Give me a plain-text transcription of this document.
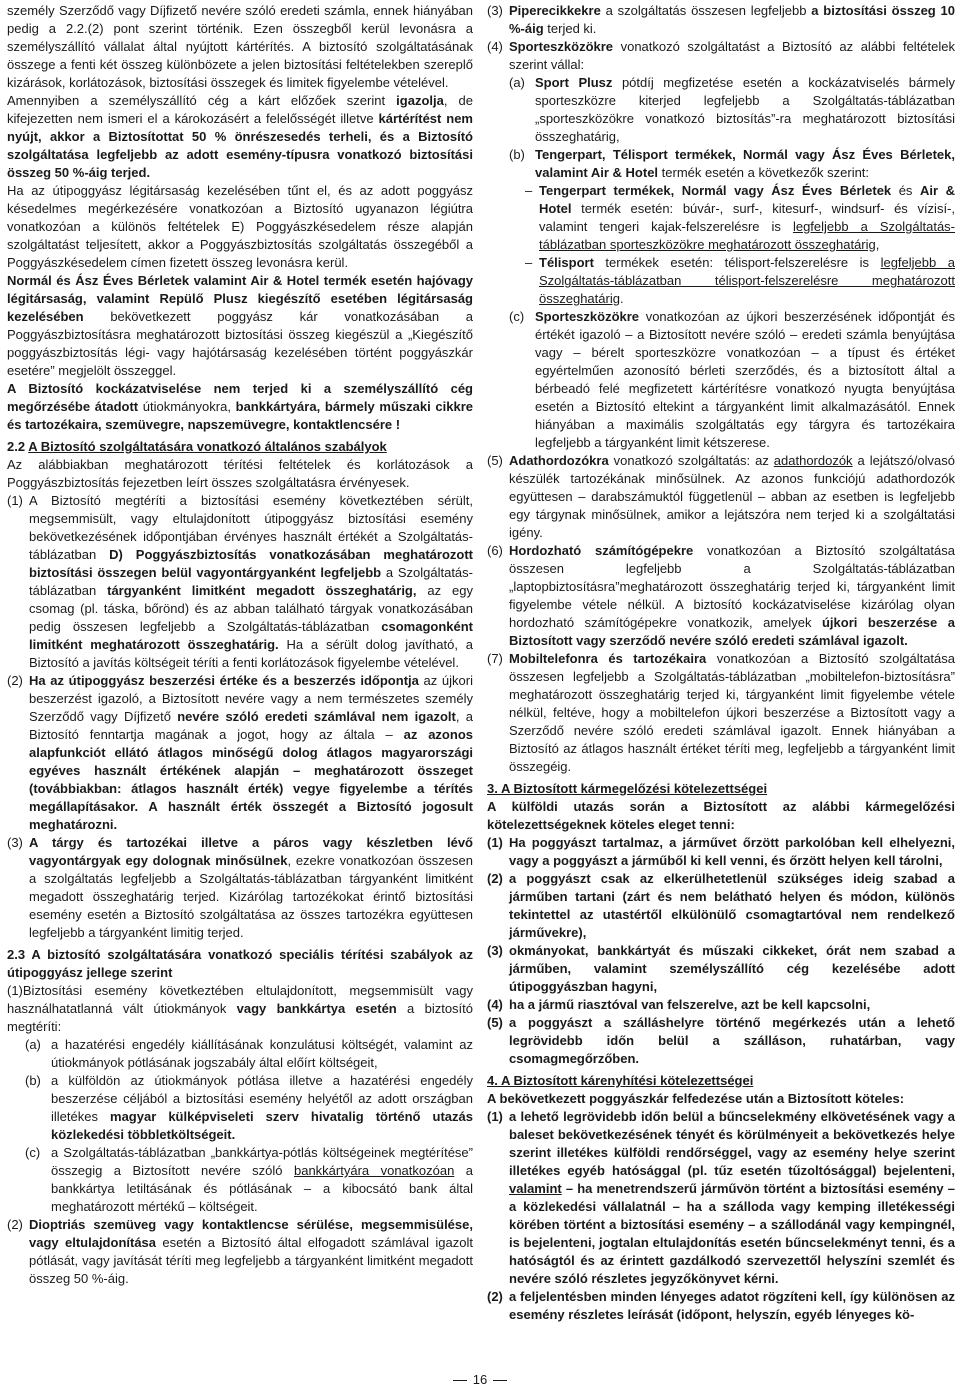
személy Szerződő vagy Díjfizető nevére szóló eredeti számla, ennek hiányában pedig a 2.2.(2) pont szerint történik. Ezen összegből kerül levonásra a személyszállító vállalat által nyújtott kártérítés. A biztosító szolgáltatásának összege a fenti két összeg különbözete a jelen biztosítási feltételekben szereplő kizárások, korlátozások, biztosítási összegek és limitek figyelembe vételével.

Amennyiben a személyszállító cég a kárt előzőek szerint igazolja, de kifejezetten nem ismeri el a károkozásért a felelősségét illetve kártérítést nem nyújt, akkor a Biztosítottat 50 % önrészesedés terheli, és a Biztosító szolgáltatása legfeljebb az adott esemény-típusra vonatkozó biztosítási összeg 50 %-áig terjed.

Ha az útipoggyász légitársaság kezelésében tűnt el, és az adott poggyász késedelmes megérkezésére vonatkozóan a Biztosító ugyanazon légiútra vonatkozóan a különös feltételek E) Poggyászkésedelem része alapján szolgáltatást teljesített, akkor a Poggyászbiztosítás szolgáltatás összegéből a Poggyászkésedelem címen fizetett összeg levonásra kerül.

Normál és Ász Éves Bérletek valamint Air & Hotel termék esetén hajóvagy légitársaság, valamint Repülő Plusz kiegészítő esetében légitársaság kezelésében bekövetkezett poggyász kár vonatkozásában a Poggyászbiztosításra meghatározott biztosítási összeg kiegészül a „Kiegészítő poggyászbiztosítás légi- vagy hajótársaság kezelésében történt poggyászkár esetére” megjelölt összeggel.

A Biztosító kockázatviselése nem terjed ki a személyszállító cég megőrzésébe átadott útiokmányokra, bankkártyára, bármely műszaki cikkre és tartozékaira, szemüvegre, napszemüvegre, kontaktlencsére !

2.2 A Biztosító szolgáltatására vonatkozó általános szabályok

Az alábbiakban meghatározott térítési feltételek és korlátozások a Poggyászbiztosítás fejezetben leírt összes szolgáltatásra érvényesek.

(1) A Biztosító megtéríti a biztosítási esemény következtében sérült, megsemmisült, vagy eltulajdonított útipoggyász biztosítási esemény bekövetkezésének időpontjában érvényes használt értékét a Szolgáltatás-táblázatban D) Poggyászbiztosítás vonatkozásában meghatározott biztosítási összegen belül vagyontárgyanként legfeljebb a Szolgáltatás-táblázatban tárgyanként limitként megadott összeghatárig, az egy csomag (pl. táska, bőrönd) és az abban található tárgyak vonatkozásában pedig összesen legfeljebb a Szolgáltatás-táblázatban csomagonként limitként meghatározott összeghatárig. Ha a sérült dolog javítható, a Biztosító a javítás költségeit téríti a fenti korlátozások figyelembe vételével.
(2) Ha az útipoggyász beszerzési értéke és a beszerzés időpontja az újkori beszerzést igazoló, a Biztosított nevére vagy a nem természetes személy Szerződő vagy Díjfizető nevére szóló eredeti számlával nem igazolt, a Biztosító fenntartja magának a jogot, hogy az általa – az azonos alapfunkciót ellátó átlagos minőségű dolog átlagos magyarországi egyéves használt értékének alapján – meghatározott összeget (továbbiakban: átlagos használt érték) vegye figyelembe a térítés megállapításakor. A használt érték összegét a Biztosító jogosult meghatározni.
(3) A tárgy és tartozékai illetve a páros vagy készletben lévő vagyontárgyak egy dolognak minősülnek, ezekre vonatkozóan összesen a szolgáltatás legfeljebb a Szolgáltatás-táblázatban tárgyanként limitként megadott összeghatárig terjed. Kizárólag tartozékokat érintő biztosítási esemény esetén a Biztosító szolgáltatása az összes tartozékra együttesen legfeljebb a tárgyanként limitig terjed.

2.3 A biztosító szolgáltatására vonatkozó speciális térítési szabályok az útipoggyász jellege szerint

(1)Biztosítási esemény következtében eltulajdonított, megsemmisült vagy használhatatlanná vált útiokmányok vagy bankkártya esetén a biztosító megtéríti:

(a) a hazatérési engedély kiállításának konzulátusi költségét, valamint az útiokmányok pótlásának jogszabály által előírt költségeit,
(b) a külföldön az útiokmányok pótlása illetve a hazatérési engedély beszerzése céljából a biztosítási esemény helyétől az adott országban illetékes magyar külképviseleti szerv hivatalig történő utazás közlekedési többletköltségeit.
(c) a Szolgáltatás-táblázatban „bankkártya-pótlás költségeinek megtérítése” összegig a Biztosított nevére szóló bankkártyára vonatkozóan a bankkártya letiltásának és pótlásának – a kibocsátó bank által meghatározott mértékű – költségeit.
(2) Dioptriás szemüveg vagy kontaktlencse sérülése, megsemmisülése, vagy eltulajdonítása esetén a Biztosító által elfogadott számlával igazolt pótlását, vagy javítását téríti meg legfeljebb a tárgyanként limitként megadott összeg 50 %-áig.
(3) Piperecikkekre a szolgáltatás összesen legfeljebb a biztosítási összeg 10 %-áig terjed ki.
(4) Sporteszközökre vonatkozó szolgáltatást a Biztosító az alábbi feltételek szerint vállal:
(a) Sport Plusz pótdíj megfizetése esetén a kockázatviselés bármely sporteszközre kiterjed legfeljebb a Szolgáltatás-táblázatban „sporteszközökre vonatkozó biztosítás”-ra meghatározott biztosítási összeghatárig,
(b) Tengerpart, Télisport termékek, Normál vagy Ász Éves Bérletek, valamint Air & Hotel termék esetén a következők szerint:
– Tengerpart termékek, Normál vagy Ász Éves Bérletek és Air & Hotel termék esetén: búvár-, surf-, kitesurf-, windsurf- és vízisí-, valamint tengeri kajak-felszerelésre is legfeljebb a Szolgáltatás-táblázatban sporteszközökre meghatározott összeghatárig,
– Télisport termékek esetén: télisport-felszerelésre is legfeljebb a Szolgáltatás-táblázatban télisport-felszerelésre meghatározott összeghatárig.
(c) Sporteszközökre vonatkozóan az újkori beszerzésének időpontját és értékét igazoló – a Biztosított nevére szóló – eredeti számla benyújtása vagy – bérelt sporteszközre vonatkozóan – a típust és értéket egyértelműen azonosító bérleti szerződés, és a biztosított által a bérbeadó felé megfizetett kártérítésre vonatkozó nyugta benyújtása esetén a Biztosító eltekint a tárgyanként limit alkalmazásától. Ennek hiányában a maximális szolgáltatás egy tárgyra és tartozékaira legfeljebb a tárgyanként limit kétszerese.
(5) Adathordozókra vonatkozó szolgáltatás: az adathordozók a lejátszó/olvasó készülék tartozékának minősülnek. Az azonos funkciójú adathordozók együttesen – darabszámuktól függetlenül – abban az esetben is legfeljebb egy tárgynak minősülnek, amikor a lejátszóra nem terjed ki a szolgáltatási igény.
(6) Hordozható számítógépekre vonatkozóan a Biztosító szolgáltatása összesen legfeljebb a Szolgáltatás-táblázatban „laptopbiztosításra”meghatározott összeghatárig terjed ki, tárgyanként limit figyelembe vétele nélkül. A biztosító kockázatviselése kizárólag olyan hordozható számítógépekre vonatkozik, amelyek újkori beszerzése a Biztosított vagy szerződő nevére szóló eredeti számlával igazolt.
(7) Mobiltelefonra és tartozékaira vonatkozóan a Biztosító szolgáltatása összesen legfeljebb a Szolgáltatás-táblázatban „mobiltelefon-biztosításra” meghatározott összeghatárig terjed ki, tárgyanként limit figyelembe vétele nélkül, feltéve, hogy a mobiltelefon újkori beszerzése a Biztosított vagy a Szerződő nevére szóló eredeti számlával igazolt. Ennek hiányában a Biztosító az átlagos használt értéket téríti meg, legfeljebb a tárgyanként limit összegéig.

3. A Biztosított kármegelőzési kötelezettségei

A külföldi utazás során a Biztosított az alábbi kármegelőzési kötelezettségeknek köteles eleget tenni:

(1) Ha poggyászt tartalmaz, a járművet őrzött parkolóban kell elhelyezni, vagy a poggyászt a járműből ki kell venni, és őrzött helyen kell tárolni,
(2) a poggyászt csak az elkerülhetetlenül szükséges ideig szabad a járműben tartani (zárt és nem belátható helyen és módon, különös tekintettel az utastértől elkülönülő csomagtartóval nem rendelkező járművekre),
(3) okmányokat, bankkártyát és műszaki cikkeket, órát nem szabad a járműben, valamint személyszállító cég kezelésébe adott útipoggyászban hagyni,
(4) ha a jármű riasztóval van felszerelve, azt be kell kapcsolni,
(5) a poggyászt a szálláshelyre történő megérkezés után a lehető legrövidebb időn belül a szálláson, ruhatárban, vagy csomagmegőrzőben.

4. A Biztosított kárenyhítési kötelezettségei

A bekövetkezett poggyászkár felfedezése után a Biztosított köteles:

(1) a lehető legrövidebb időn belül a bűncselekmény elkövetésének vagy a baleset bekövetkezésének tényét és körülményeit a bekövetkezés helye szerint illetékes külföldi rendőrséggel, vagy az esemény helye szerint illetékes egyéb hatósággal (pl. tűz esetén tűzoltósággal) bejelenteni, valamint – ha menetrendszerű járművön történt a biztosítási esemény – a közlekedési vállalatnál – ha a szálloda vagy kemping illetékességi körében történt a biztosítási esemény – a szállodánál vagy kempingnél, is bejelenteni, jogtalan eltulajdonítás esetén bűncselekményt tenni, és a hatóságtól és az érintett gazdálkodó szervezettől helyszíni szemlét és nevére szóló részletes jegyzőkönyvet kérni.
(2) a feljelentésben minden lényeges adatot rögzíteni kell, így különösen az esemény részletes leírását (időpont, helyszín, egyéb lényeges kö-
16
